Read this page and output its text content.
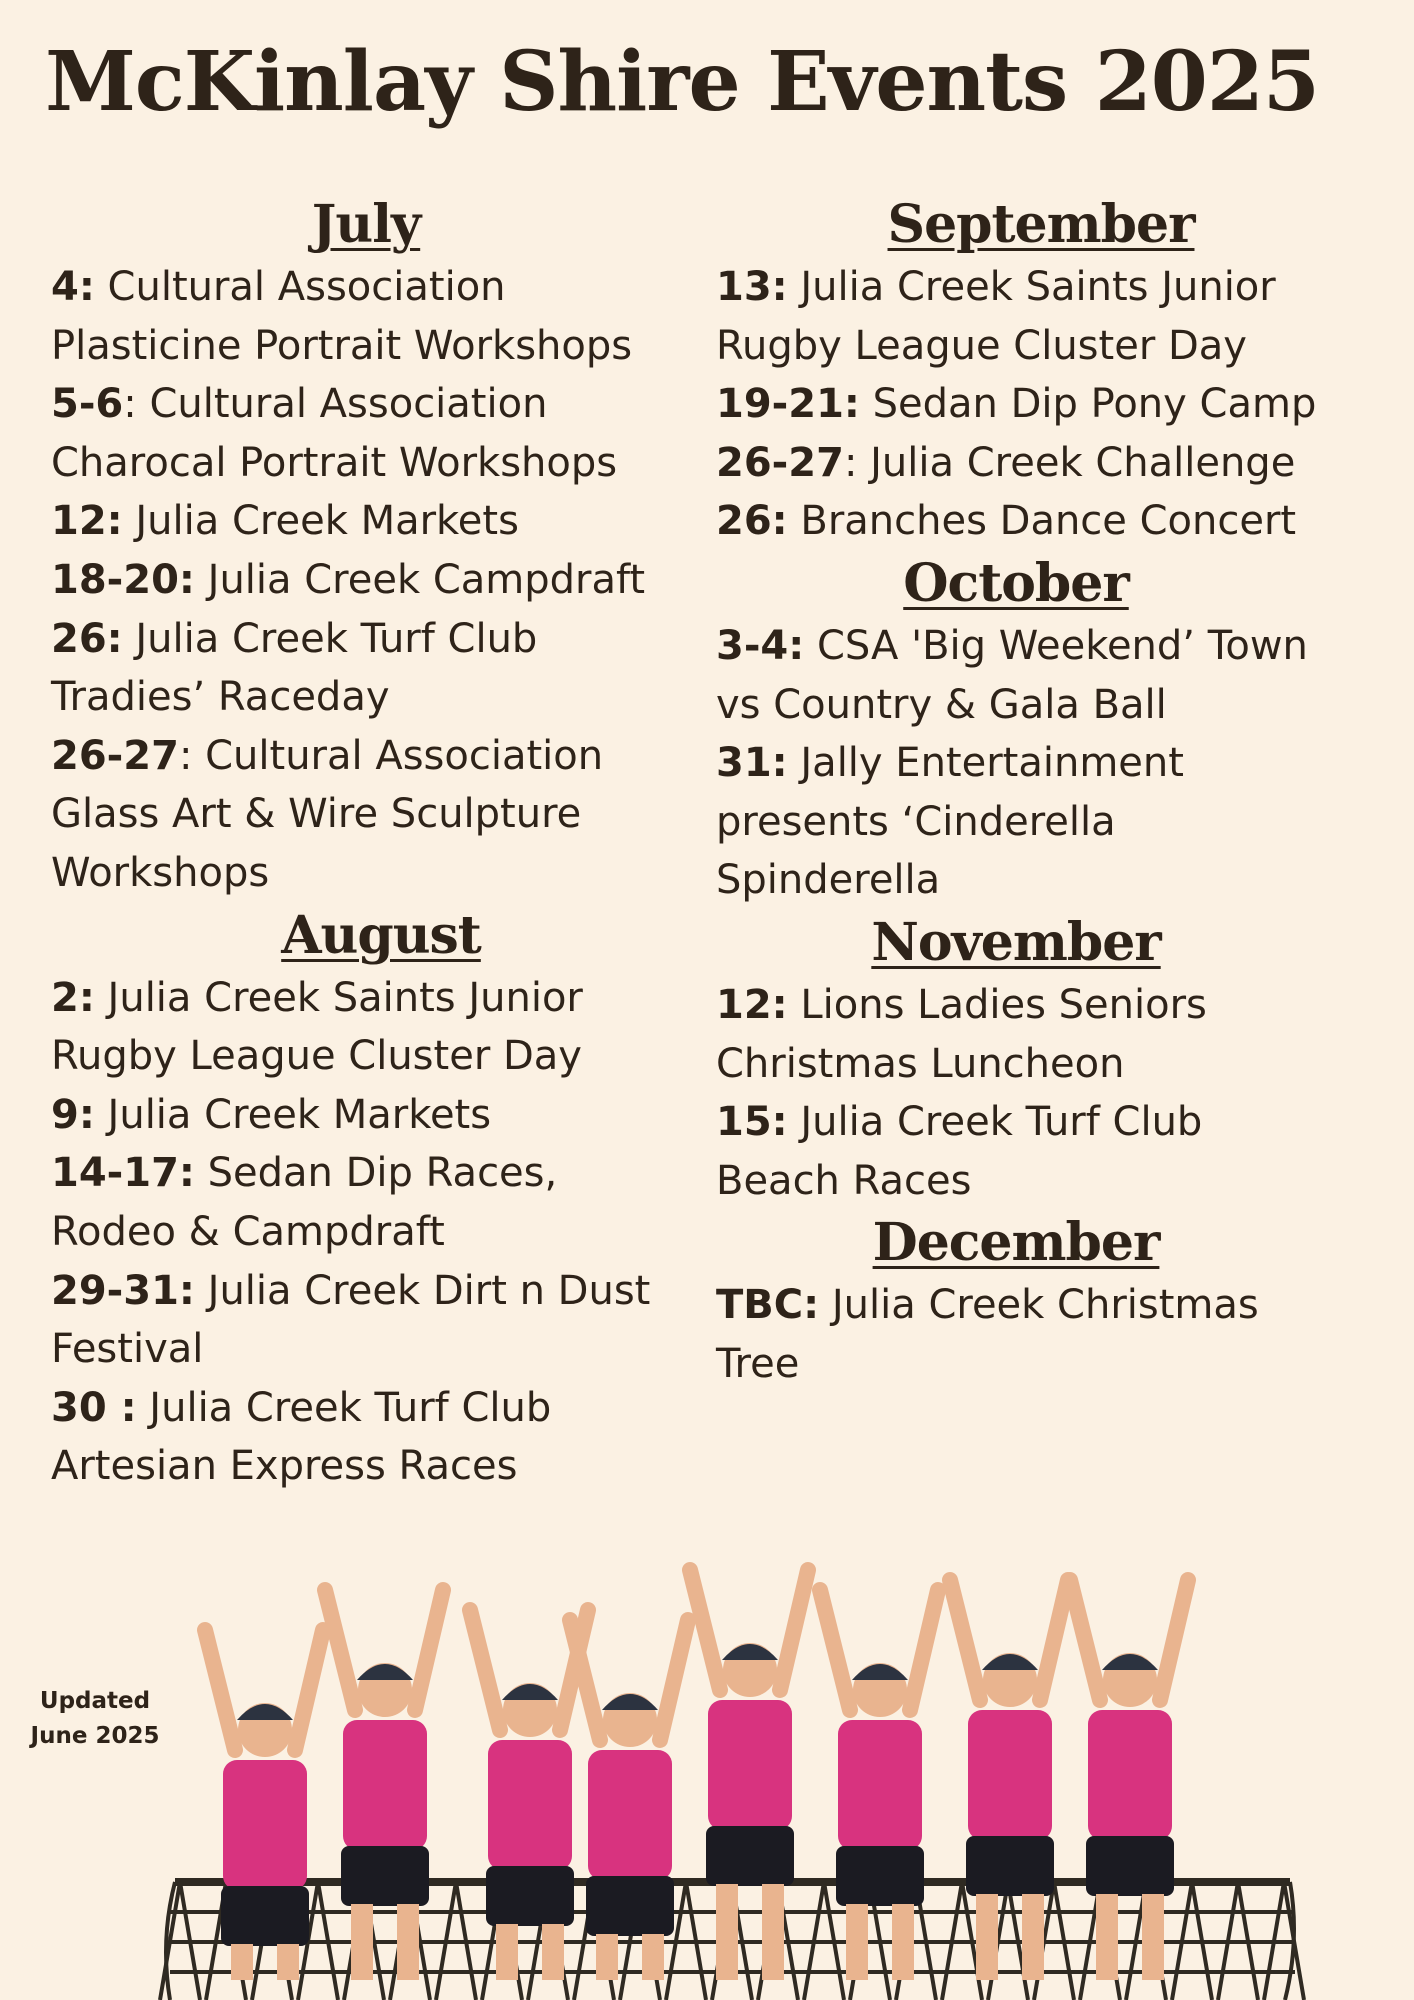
McKinlay Shire Events 2025
July
4: Cultural Association Plasticine Portrait Workshops
5-6: Cultural Association Charocal Portrait Workshops
12: Julia Creek Markets
18-20: Julia Creek Campdraft
26: Julia Creek Turf Club Tradies’ Raceday
26-27: Cultural Association Glass Art & Wire Sculpture Workshops
August
2: Julia Creek Saints Junior Rugby League Cluster Day
9: Julia Creek Markets
14-17: Sedan Dip Races, Rodeo & Campdraft
29-31: Julia Creek Dirt n Dust Festival
30 : Julia Creek Turf Club Artesian Express Races
September
13: Julia Creek Saints Junior Rugby League Cluster Day
19-21: Sedan Dip Pony Camp
26-27: Julia Creek Challenge
26: Branches Dance Concert
October
3-4: CSA 'Big Weekend’ Town vs Country & Gala Ball
31: Jally Entertainment presents ‘Cinderella Spinderella
November
12: Lions Ladies Seniors Christmas Luncheon
15: Julia Creek Turf Club Beach Races
December
TBC: Julia Creek Christmas Tree
Updated
June 2025
